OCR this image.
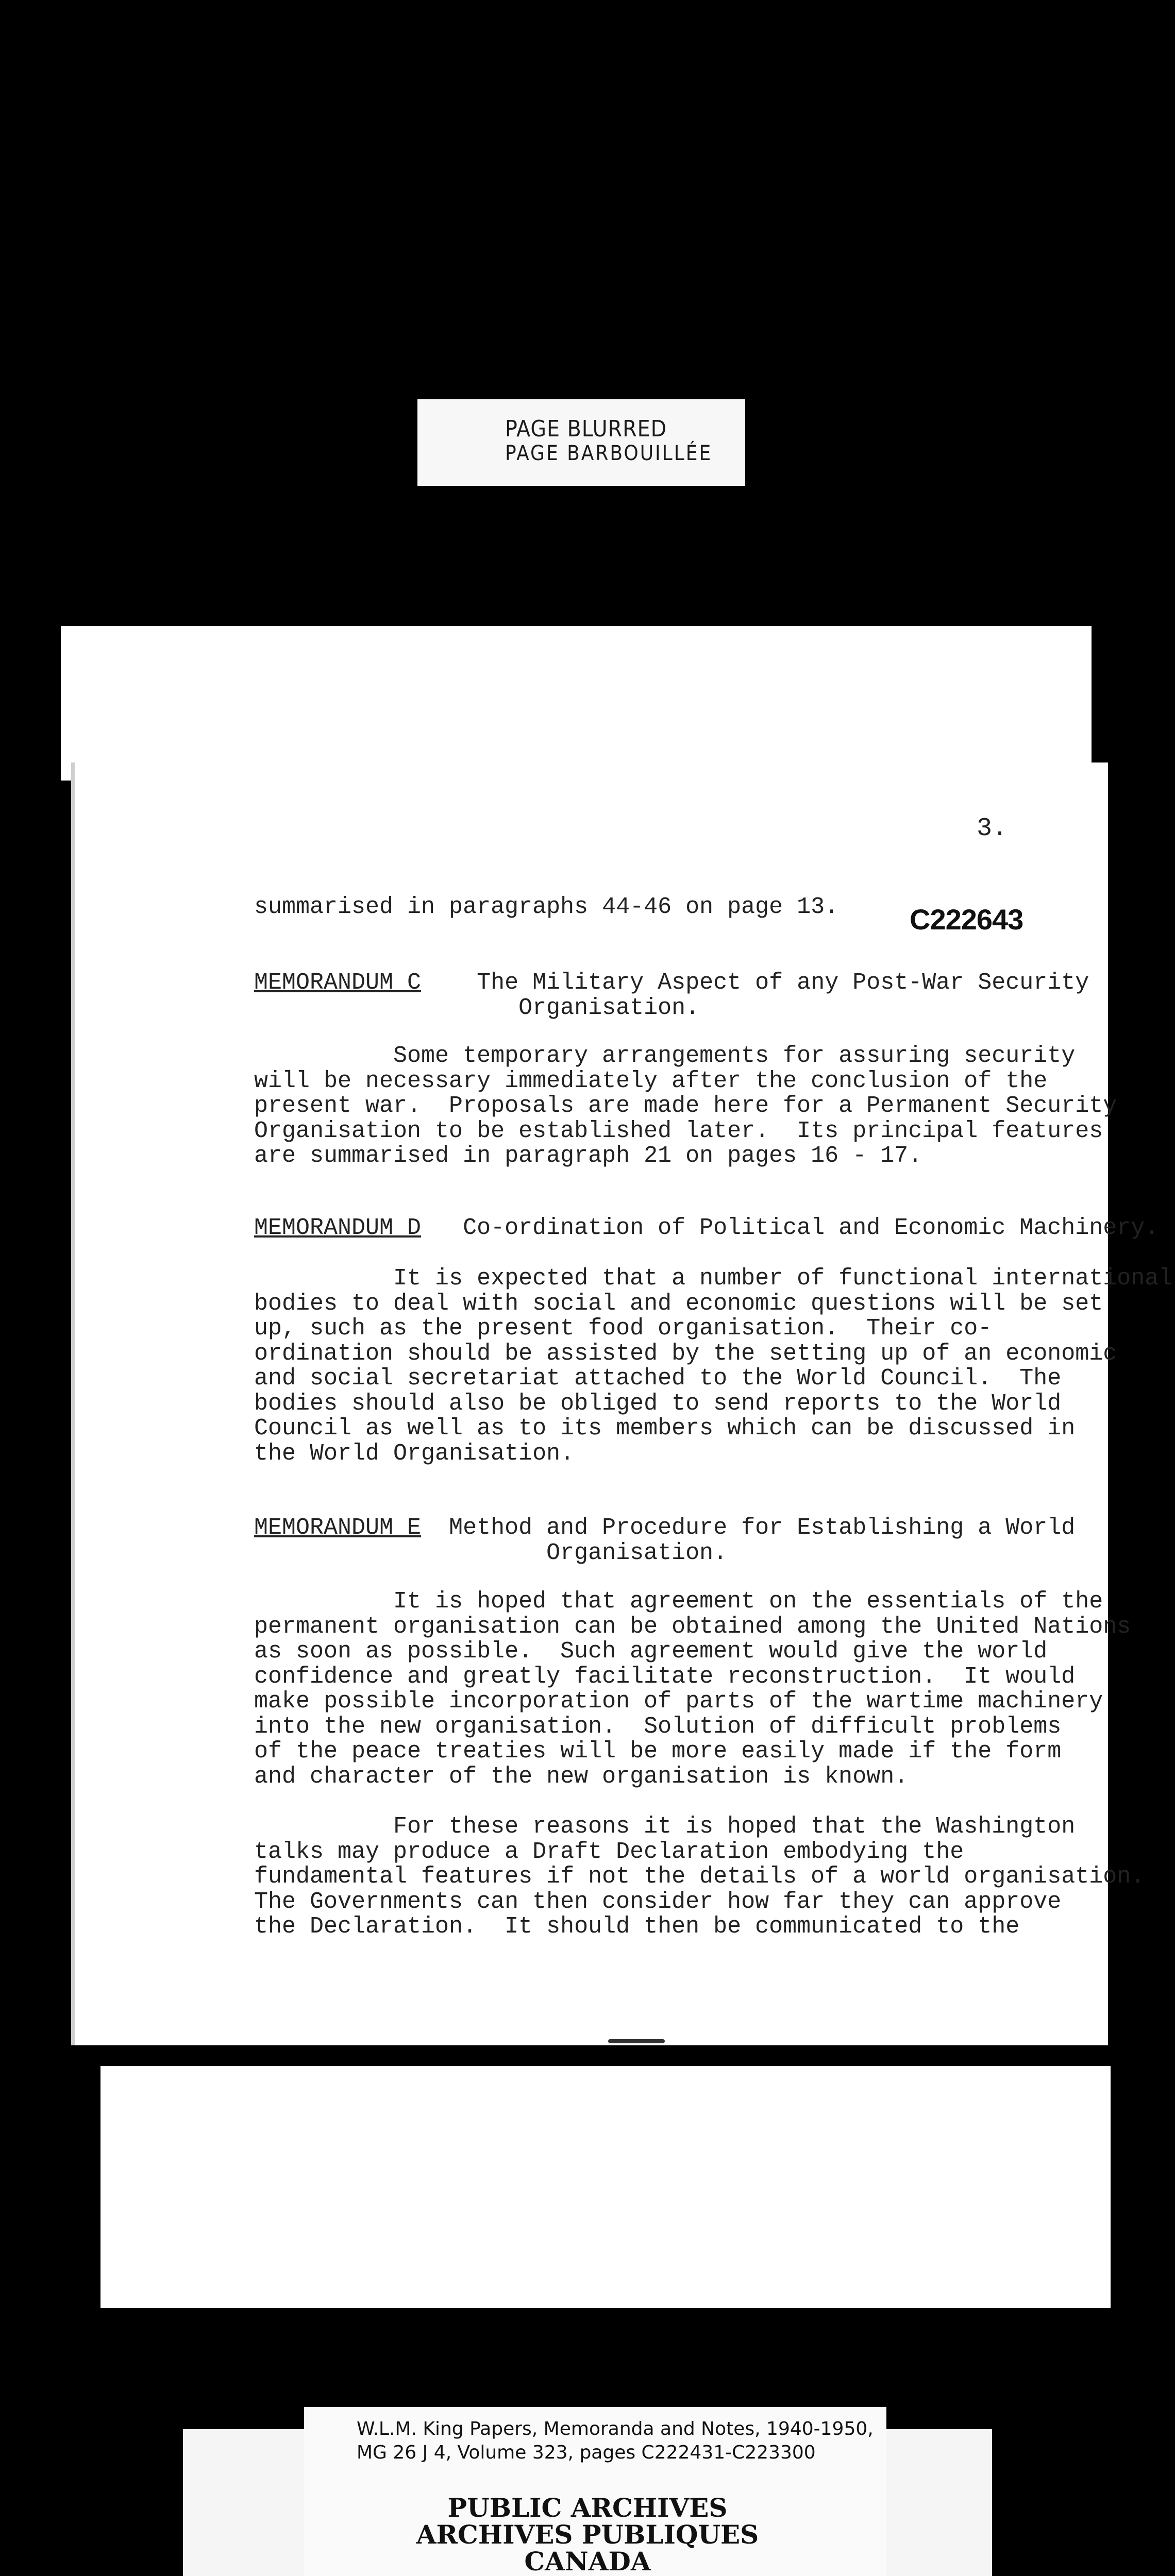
PAGE BLURRED
PAGE BARBOUILLÉE
3.
summarised in paragraphs 44-46 on page 13. C222643
MEMORANDUM C The Military Aspect of any Post-War Security
Organisation.
Some temporary arrangements for assuring security
will be necessary immediately after the conclusion of the
present war.  Proposals are made here for a Permanent Security
Organisation to be established later.  Its principal features
are summarised in paragraph 21 on pages 16 - 17.
MEMORANDUM D Co-ordination of Political and Economic Machinery.
It is expected that a number of functional international
bodies to deal with social and economic questions will be set
up, such as the present food organisation.  Their co-
ordination should be assisted by the setting up of an economic
and social secretariat attached to the World Council.  The
bodies should also be obliged to send reports to the World
Council as well as to its members which can be discussed in
the World Organisation.
MEMORANDUM E Method and Procedure for Establishing a World
Organisation.
It is hoped that agreement on the essentials of the
permanent organisation can be obtained among the United Nations
as soon as possible.  Such agreement would give the world
confidence and greatly facilitate reconstruction.  It would
make possible incorporation of parts of the wartime machinery
into the new organisation.  Solution of difficult problems
of the peace treaties will be more easily made if the form
and character of the new organisation is known.
For these reasons it is hoped that the Washington
talks may produce a Draft Declaration embodying the
fundamental features if not the details of a world organisation.
The Governments can then consider how far they can approve
the Declaration.  It should then be communicated to the
W.L.M. King Papers, Memoranda and Notes, 1940-1950,
MG 26 J 4, Volume 323, pages C222431-C223300
PUBLIC ARCHIVES
ARCHIVES PUBLIQUES
CANADA
